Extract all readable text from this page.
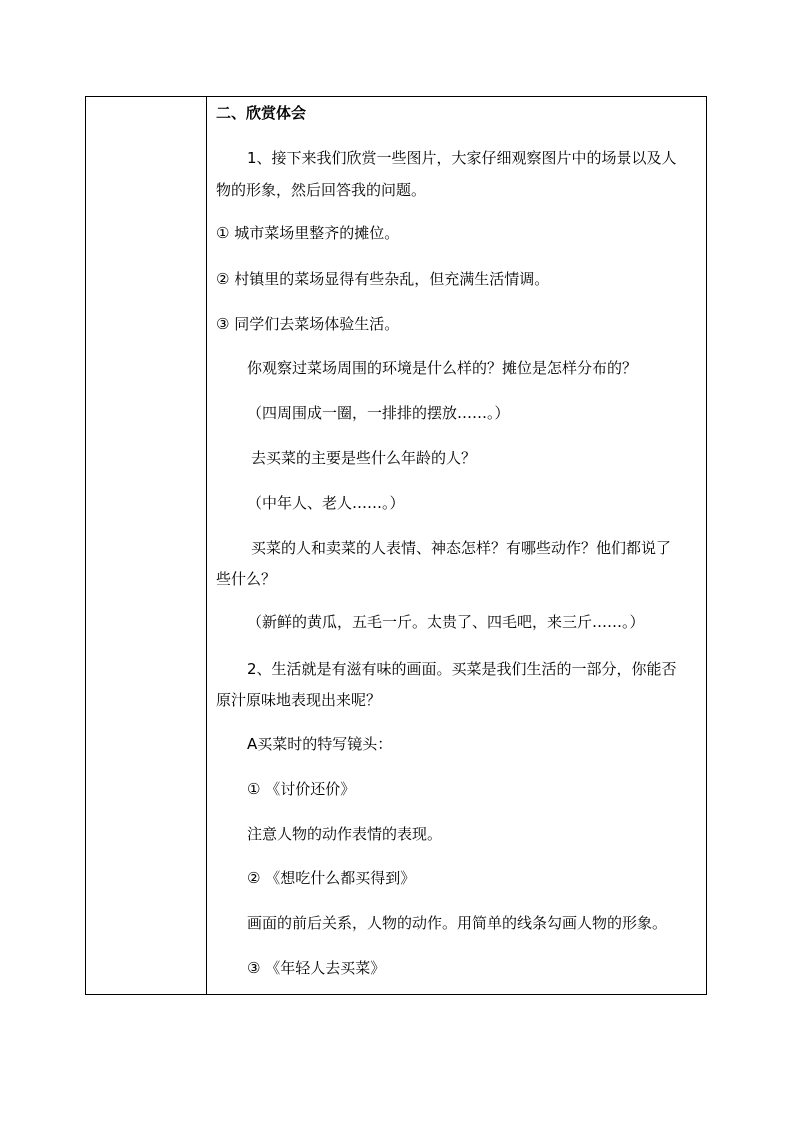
二、欣赏体会
1、接下来我们欣赏一些图片，大家仔细观察图片中的场景以及人
物的形象，然后回答我的问题。
① 城市菜场里整齐的摊位。
② 村镇里的菜场显得有些杂乱，但充满生活情调。
③ 同学们去菜场体验生活。
你观察过菜场周围的环境是什么样的？摊位是怎样分布的？
（四周围成一圈，一排排的摆放……。）
去买菜的主要是些什么年龄的人？
（中年人、老人……。）
买菜的人和卖菜的人表情、神态怎样？有哪些动作？他们都说了
些什么？
（新鲜的黄瓜，五毛一斤。太贵了、四毛吧，来三斤……。）
2、生活就是有滋有味的画面。买菜是我们生活的一部分，你能否
原汁原味地表现出来呢？
A买菜时的特写镜头：
① 《讨价还价》
注意人物的动作表情的表现。
② 《想吃什么都买得到》
画面的前后关系，人物的动作。用简单的线条勾画人物的形象。
③ 《年轻人去买菜》
